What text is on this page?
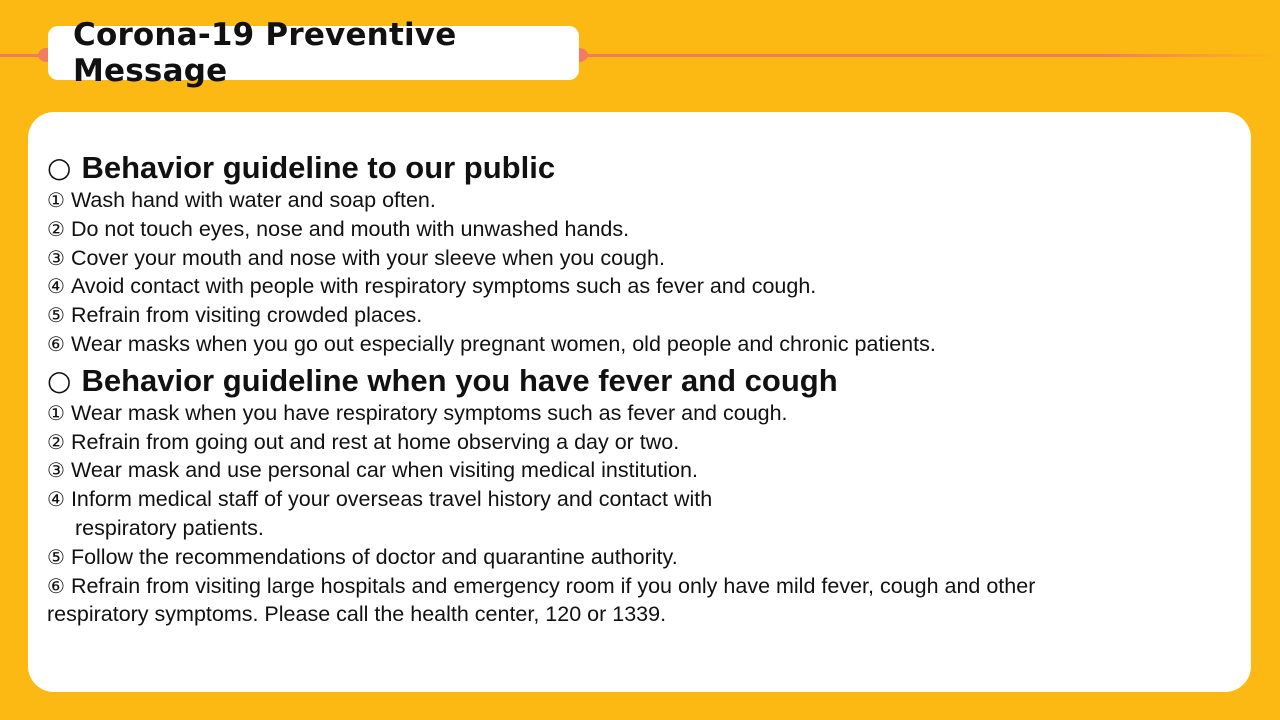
Corona-19 Preventive Message
○ Behavior guideline to our public
① Wash hand with water and soap often.
② Do not touch eyes, nose and mouth with unwashed hands.
③ Cover your mouth and nose with your sleeve when you cough.
④ Avoid contact with people with respiratory symptoms such as fever and cough.
⑤ Refrain from visiting crowded places.
⑥ Wear masks when you go out especially pregnant women, old people and chronic patients.
○ Behavior guideline when you have fever and cough
① Wear mask when you have respiratory symptoms such as fever and cough.
② Refrain from going out and rest at home observing a day or two.
③ Wear mask and use personal car when visiting medical institution.
④ Inform medical staff of your overseas travel history and contact with
respiratory patients.
⑤ Follow the recommendations of doctor and quarantine authority.
⑥ Refrain from visiting large hospitals and emergency room if you only have mild fever, cough and other
respiratory symptoms. Please call the health center, 120 or 1339.
